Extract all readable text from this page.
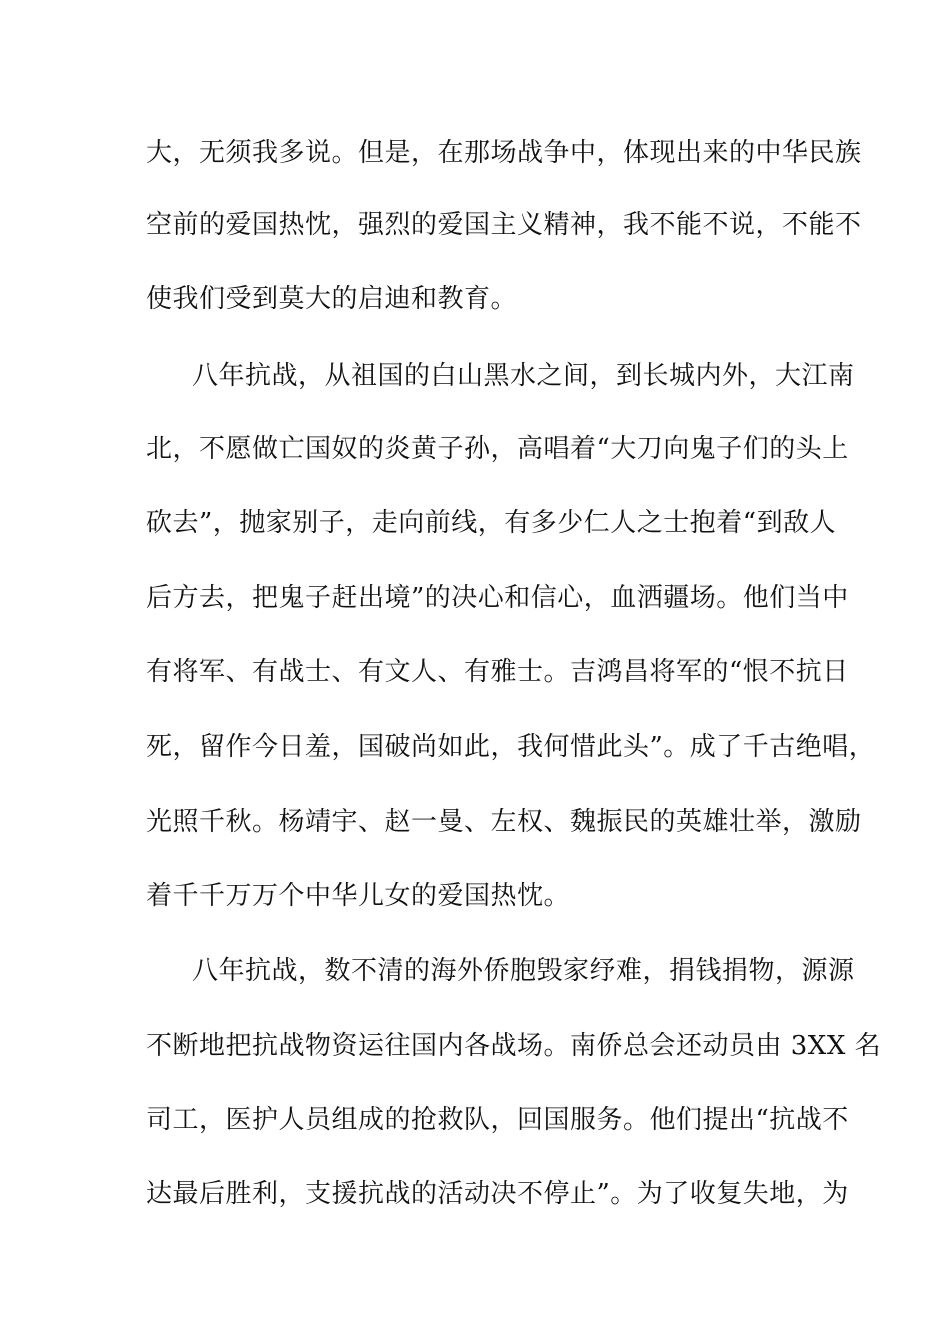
大，无须我多说。但是，在那场战争中，体现出来的中华民族
空前的爱国热忱，强烈的爱国主义精神，我不能不说，不能不
使我们受到莫大的启迪和教育。
八年抗战，从祖国的白山黑水之间，到长城内外，大江南
北，不愿做亡国奴的炎黄子孙，高唱着“大刀向鬼子们的头上
砍去”，抛家别子，走向前线，有多少仁人之士抱着“到敌人
后方去，把鬼子赶出境”的决心和信心，血洒疆场。他们当中
有将军、有战士、有文人、有雅士。吉鸿昌将军的“恨不抗日
死，留作今日羞，国破尚如此，我何惜此头”。成了千古绝唱，
光照千秋。杨靖宇、赵一曼、左权、魏振民的英雄壮举，激励
着千千万万个中华儿女的爱国热忱。
八年抗战，数不清的海外侨胞毁家纾难，捐钱捐物，源源
不断地把抗战物资运往国内各战场。南侨总会还动员由 3XX 名
司工，医护人员组成的抢救队，回国服务。他们提出“抗战不
达最后胜利，支援抗战的活动决不停止”。为了收复失地，为
